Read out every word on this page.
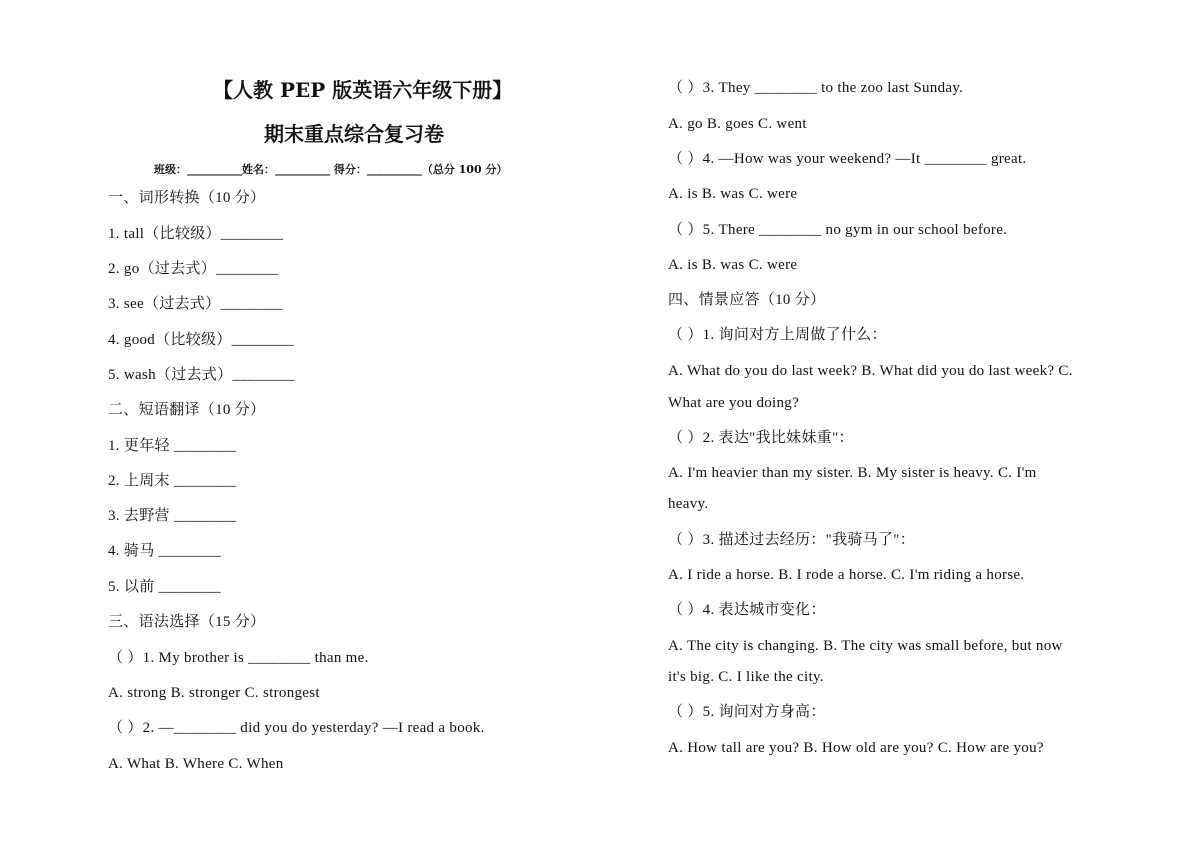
【人教 PEP 版英语六年级下册】
期末重点综合复习卷
班级：__________姓名：__________ 得分：__________（总分 100 分）
一、词形转换（10 分）
1. tall（比较级）________
2. go（过去式）________
3. see（过去式）________
4. good（比较级）________
5. wash（过去式）________
二、短语翻译（10 分）
1. 更年轻 ________
2. 上周末 ________
3. 去野营 ________
4. 骑马 ________
5. 以前 ________
三、语法选择（15 分）
（ ）1. My brother is ________ than me.
A. strong B. stronger C. strongest
（ ）2. —________ did you do yesterday? —I read a book.
A. What B. Where C. When
（ ）3. They ________ to the zoo last Sunday.
A. go B. goes C. went
（ ）4. —How was your weekend? —It ________ great.
A. is B. was C. were
（ ）5. There ________ no gym in our school before.
A. is B. was C. were
四、情景应答（10 分）
（ ）1. 询问对方上周做了什么：
A. What do you do last week? B. What did you do last week? C.
What are you doing?
（ ）2. 表达"我比妹妹重"：
A. I'm heavier than my sister. B. My sister is heavy. C. I'm
heavy.
（ ）3. 描述过去经历："我骑马了"：
A. I ride a horse. B. I rode a horse. C. I'm riding a horse.
（ ）4. 表达城市变化：
A. The city is changing. B. The city was small before, but now
it's big. C. I like the city.
（ ）5. 询问对方身高：
A. How tall are you? B. How old are you? C. How are you?
